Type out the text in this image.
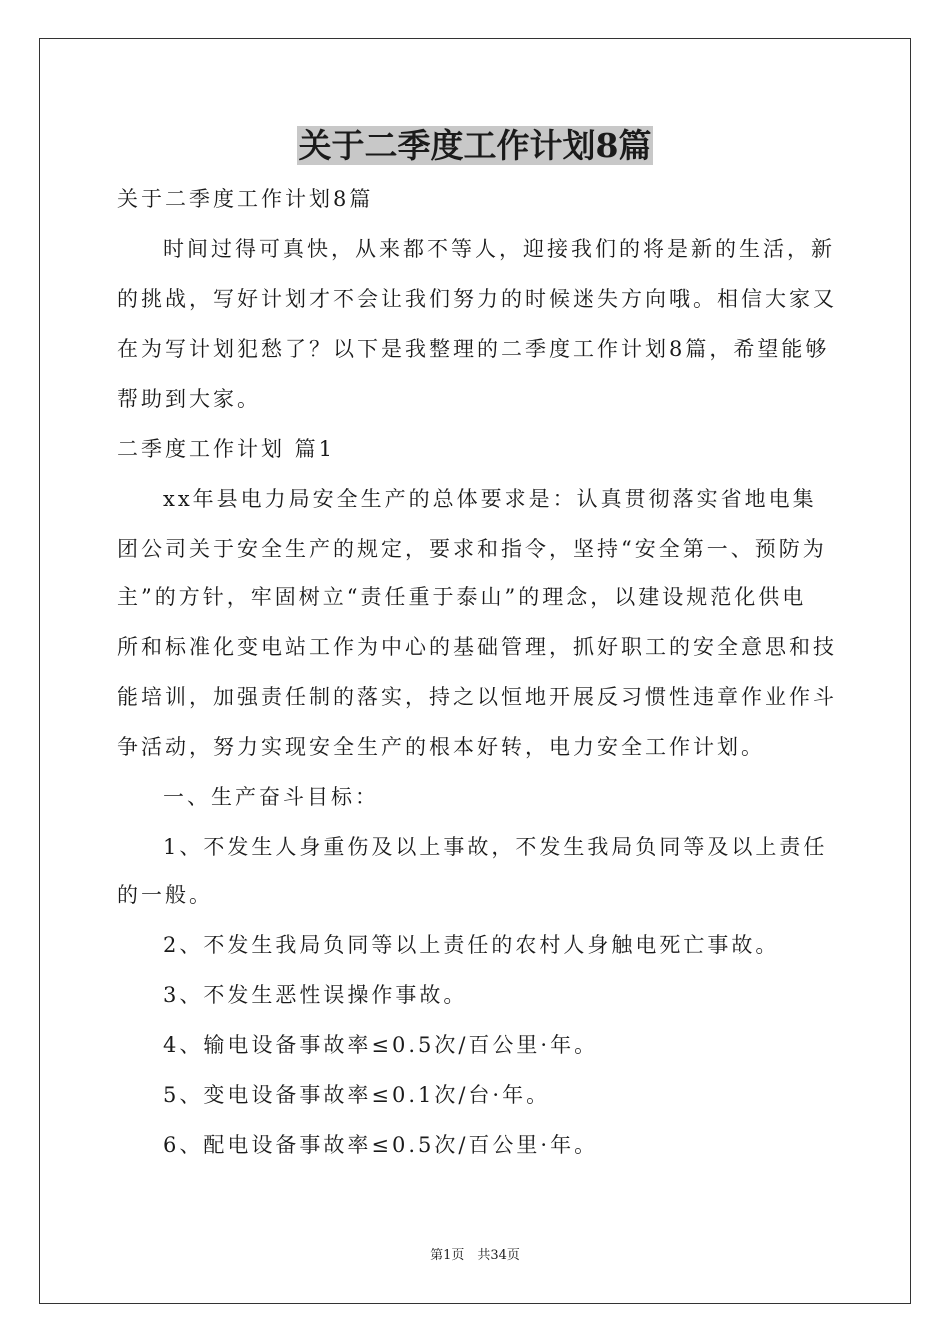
关于二季度工作计划8篇
关于二季度工作计划8篇
时间过得可真快，从来都不等人，迎接我们的将是新的生活，新
的挑战，写好计划才不会让我们努力的时候迷失方向哦。相信大家又
在为写计划犯愁了？以下是我整理的二季度工作计划8篇，希望能够
帮助到大家。
二季度工作计划 篇1
xx年县电力局安全生产的总体要求是：认真贯彻落实省地电集
团公司关于安全生产的规定，要求和指令，坚持“安全第一、预防为
主”的方针，牢固树立“责任重于泰山”的理念，以建设规范化供电
所和标准化变电站工作为中心的基础管理，抓好职工的安全意思和技
能培训，加强责任制的落实，持之以恒地开展反习惯性违章作业作斗
争活动，努力实现安全生产的根本好转，电力安全工作计划。
一、生产奋斗目标：
1、不发生人身重伤及以上事故，不发生我局负同等及以上责任
的一般。
2、不发生我局负同等以上责任的农村人身触电死亡事故。
3、不发生恶性误操作事故。
4、输电设备事故率≤0.5次/百公里·年。
5、变电设备事故率≤0.1次/台·年。
6、配电设备事故率≤0.5次/百公里·年。
第1页　共34页
